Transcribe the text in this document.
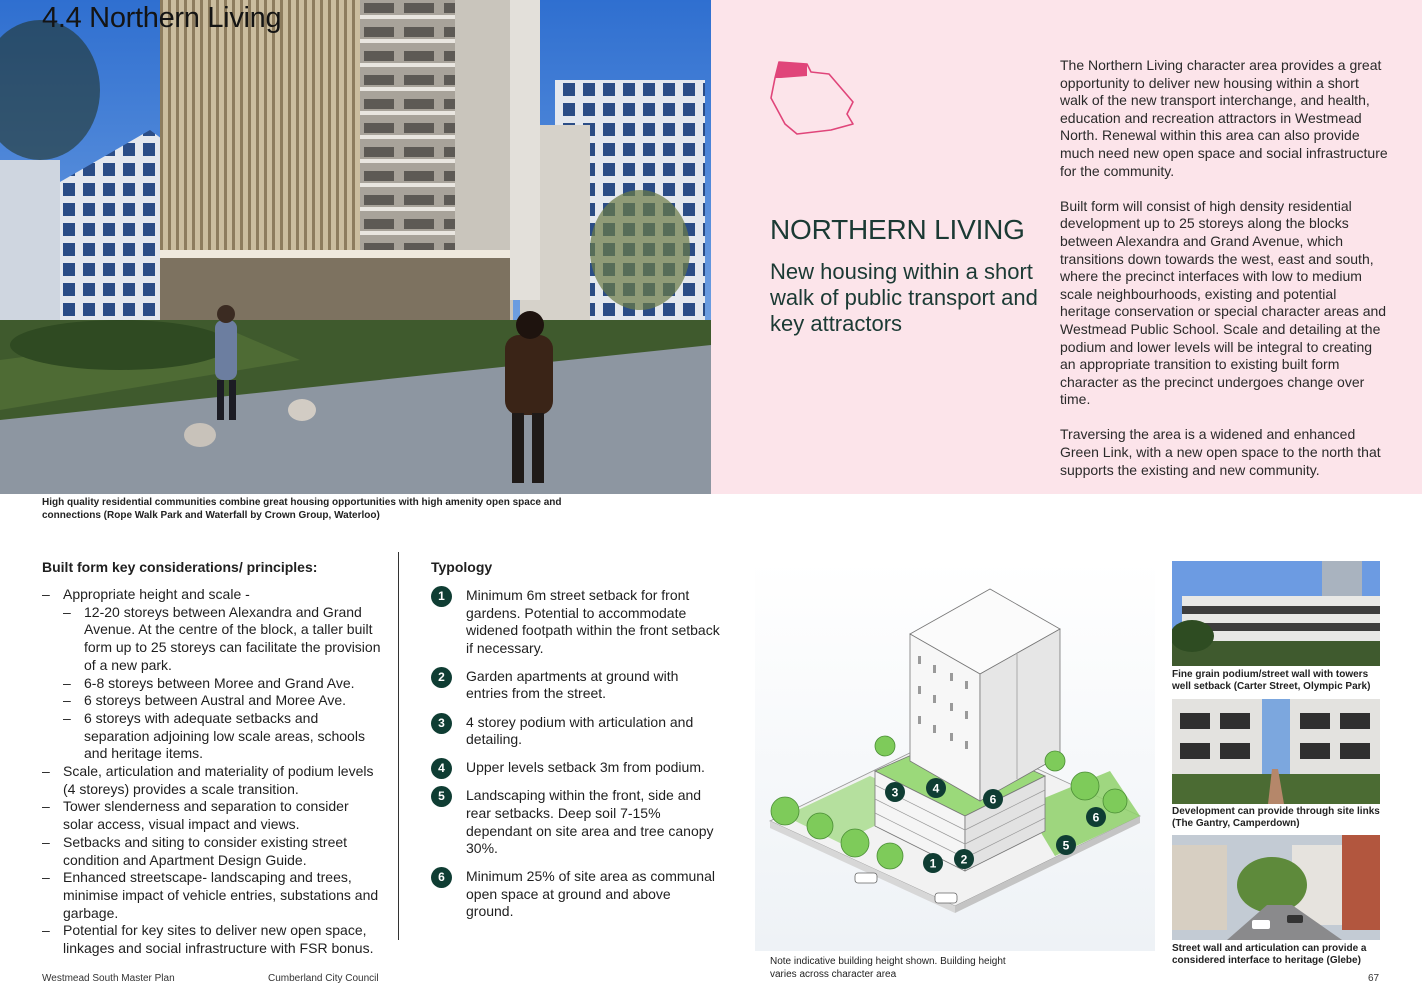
4.4 Northern Living
High quality residential communities combine great housing opportunities with high amenity open space and connections (Rope Walk Park and Waterfall by Crown Group, Waterloo)
NORTHERN LIVING
New housing within a short walk of public transport and key attractors

The Northern Living character area provides a great opportunity to deliver new housing within a short walk of the new transport interchange, and health, education and recreation attractors in Westmead North. Renewal within this area can also provide much need new open space and social infrastructure for the community.

Built form will consist of high density residential development up to 25 storeys along the blocks between Alexandra and Grand Avenue, which transitions down towards the west, east and south, where the precinct interfaces with low to medium scale neighbourhoods, existing and potential heritage conservation or special character areas and Westmead Public School. Scale and detailing at the podium and lower levels will be integral to creating an appropriate transition to existing built form character as the precinct undergoes change over time.

Traversing the area is a widened and enhanced Green Link, with a new open space to the north that supports the existing and new community.

Built form key considerations/ principles:
– Appropriate height and scale -
– 12-20 storeys between Alexandra and Grand Avenue. At the centre of the block, a taller built form up to 25 storeys can facilitate the provision of a new park.
– 6-8 storeys between Moree and Grand Ave.
– 6 storeys between Austral and Moree Ave.
– 6 storeys with adequate setbacks and separation adjoining low scale areas, schools and heritage items.
– Scale, articulation and materiality of podium levels (4 storeys) provides a scale transition.
– Tower slenderness and separation to consider solar access, visual impact and views.
– Setbacks and siting to consider existing street condition and Apartment Design Guide.
– Enhanced streetscape- landscaping and trees, minimise impact of vehicle entries, substations and garbage.
– Potential for key sites to deliver new open space, linkages and social infrastructure with FSR bonus.
Typology
1	Minimum 6m street setback for front gardens. Potential to accommodate widened footpath within the front setback if necessary.
2	Garden apartments at ground with entries from the street.
3	4 storey podium with articulation and detailing.
4	Upper levels setback 3m from podium.
5	Landscaping within the front, side and rear setbacks. Deep soil 7-15% dependant on site area and tree canopy 30%.
6	Minimum 25% of site area as communal open space at ground and above ground.
3	4
6
6
5
1 2
Note indicative building height shown. Building height varies across character area
Fine grain podium/street wall with towers well setback (Carter Street, Olympic Park)
Development can provide through site links (The Gantry, Camperdown)
Street wall and articulation can provide a considered interface to heritage (Glebe)
Westmead South Master Plan	Cumberland City Council	67
